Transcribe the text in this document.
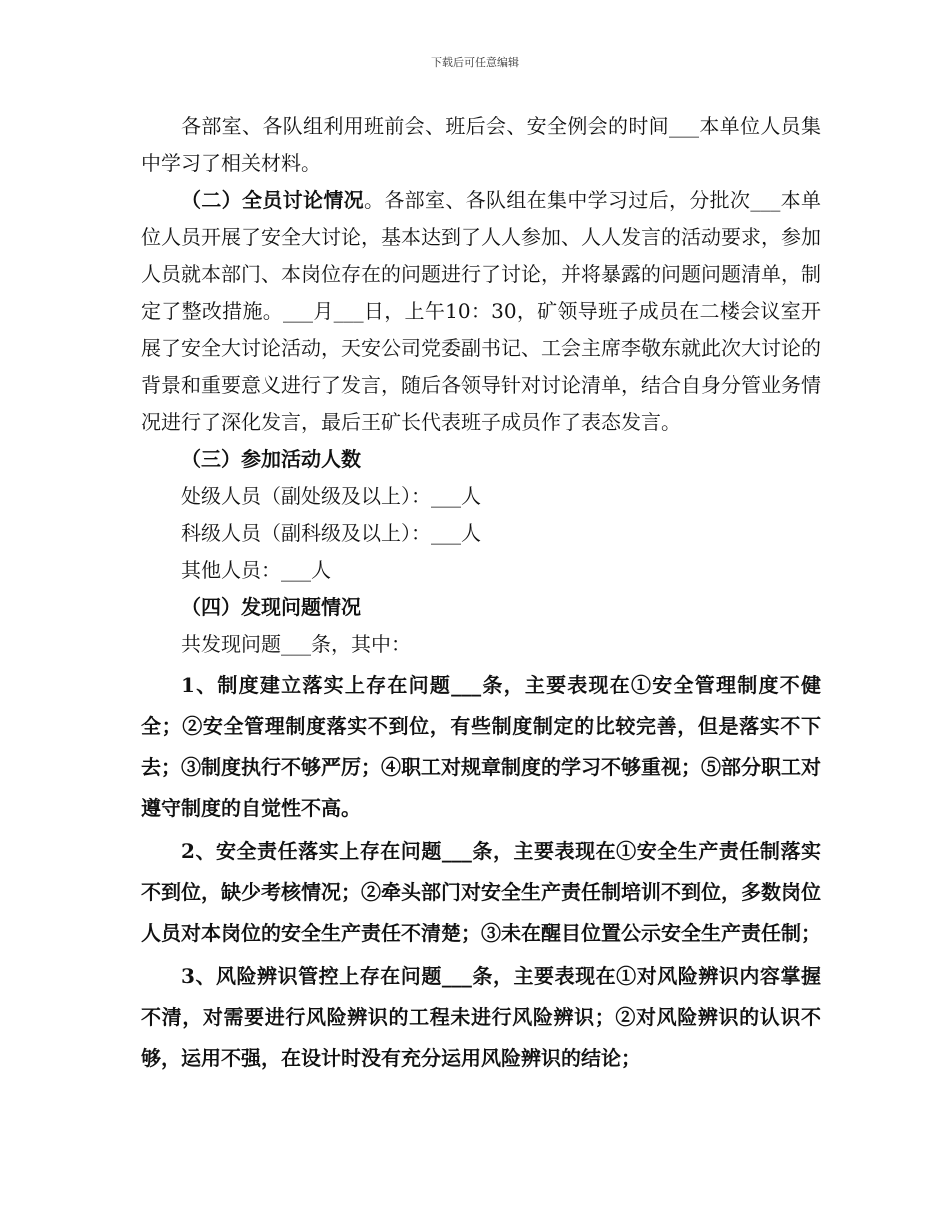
下载后可任意编辑

各部室、各队组利用班前会、班后会、安全例会的时间___本单位人员集中学习了相关材料。

（二）全员讨论情况。各部室、各队组在集中学习过后，分批次___本单位人员开展了安全大讨论，基本达到了人人参加、人人发言的活动要求，参加人员就本部门、本岗位存在的问题进行了讨论，并将暴露的问题问题清单，制定了整改措施。___月___日，上午10：30，矿领导班子成员在二楼会议室开展了安全大讨论活动，天安公司党委副书记、工会主席李敬东就此次大讨论的背景和重要意义进行了发言，随后各领导针对讨论清单，结合自身分管业务情况进行了深化发言，最后王矿长代表班子成员作了表态发言。

（三）参加活动人数

处级人员（副处级及以上）：___人

科级人员（副科级及以上）：___人

其他人员：___人

（四）发现问题情况

共发现问题___条，其中：

1、制度建立落实上存在问题___条，主要表现在①安全管理制度不健全；②安全管理制度落实不到位，有些制度制定的比较完善，但是落实不下去；③制度执行不够严厉；④职工对规章制度的学习不够重视；⑤部分职工对遵守制度的自觉性不高。

2、安全责任落实上存在问题___条，主要表现在①安全生产责任制落实不到位，缺少考核情况；②牵头部门对安全生产责任制培训不到位，多数岗位人员对本岗位的安全生产责任不清楚；③未在醒目位置公示安全生产责任制；

3、风险辨识管控上存在问题___条，主要表现在①对风险辨识内容掌握不清，对需要进行风险辨识的工程未进行风险辨识；②对风险辨识的认识不够，运用不强，在设计时没有充分运用风险辨识的结论；
